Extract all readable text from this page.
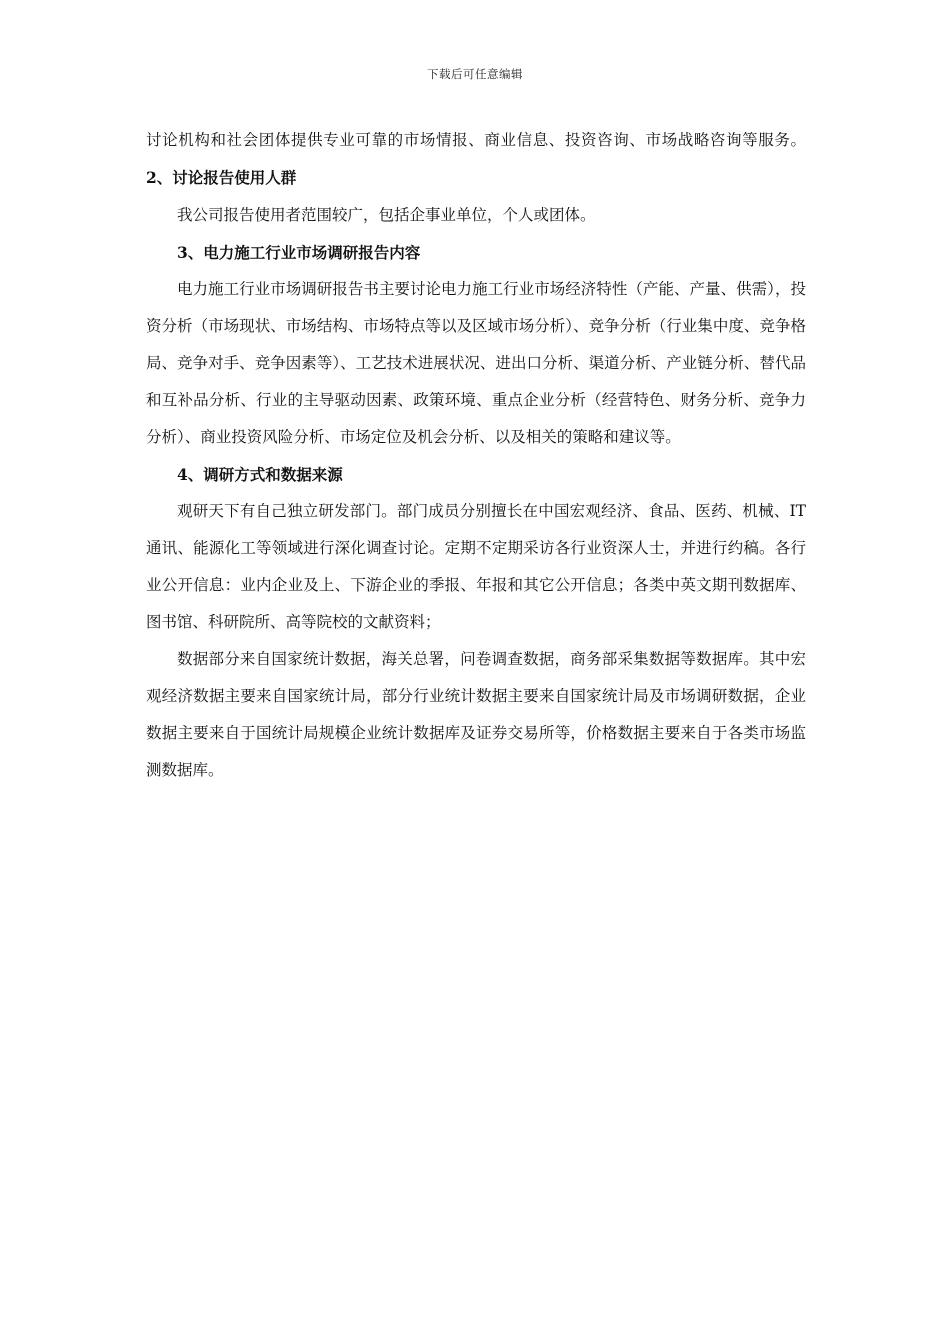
下载后可任意编辑

讨论机构和社会团体提供专业可靠的市场情报、商业信息、投资咨询、市场战略咨询等服务。2、讨论报告使用人群

我公司报告使用者范围较广，包括企事业单位，个人或团体。

3、电力施工行业市场调研报告内容

电力施工行业市场调研报告书主要讨论电力施工行业市场经济特性（产能、产量、供需），投资分析（市场现状、市场结构、市场特点等以及区域市场分析）、竞争分析（行业集中度、竞争格局、竞争对手、竞争因素等）、工艺技术进展状况、进出口分析、渠道分析、产业链分析、替代品和互补品分析、行业的主导驱动因素、政策环境、重点企业分析（经营特色、财务分析、竞争力分析）、商业投资风险分析、市场定位及机会分析、以及相关的策略和建议等。

4、调研方式和数据来源

观研天下有自己独立研发部门。部门成员分别擅长在中国宏观经济、食品、医药、机械、IT通讯、能源化工等领域进行深化调查讨论。定期不定期采访各行业资深人士，并进行约稿。各行业公开信息：业内企业及上、下游企业的季报、年报和其它公开信息；各类中英文期刊数据库、图书馆、科研院所、高等院校的文献资料；

数据部分来自国家统计数据，海关总署，问卷调查数据，商务部采集数据等数据库。其中宏观经济数据主要来自国家统计局，部分行业统计数据主要来自国家统计局及市场调研数据，企业数据主要来自于国统计局规模企业统计数据库及证券交易所等，价格数据主要来自于各类市场监测数据库。
